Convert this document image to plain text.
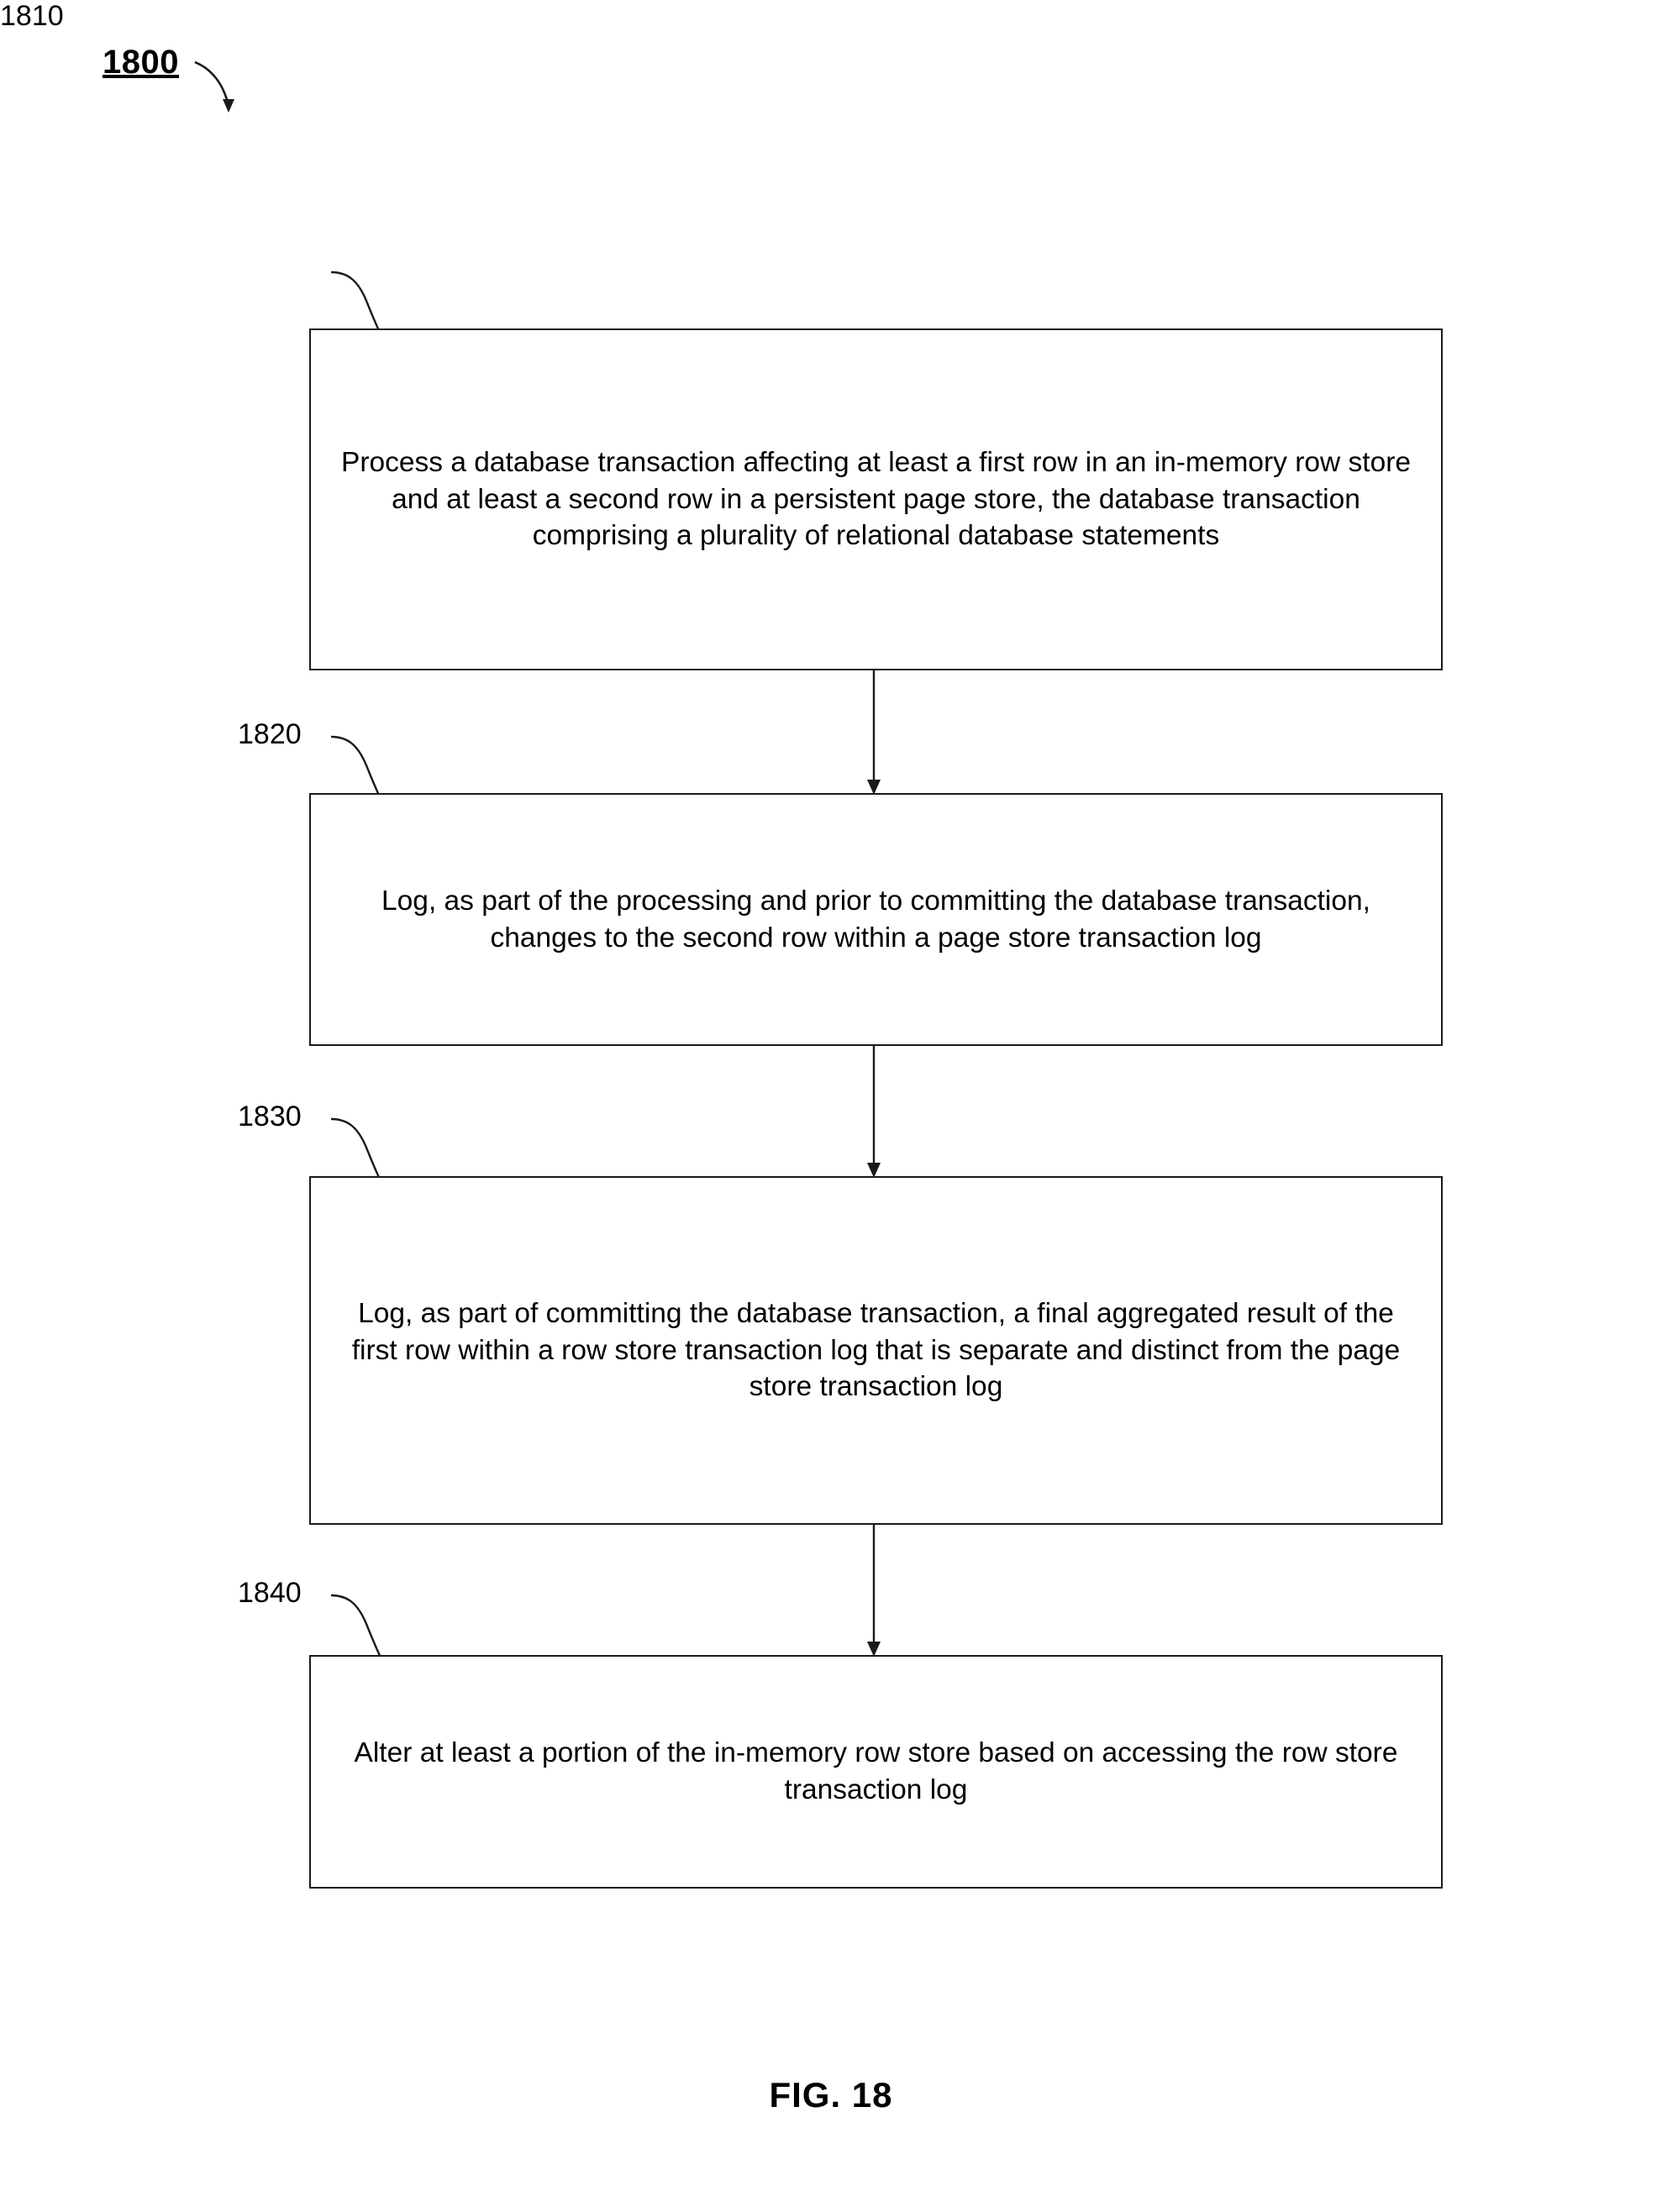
1800
1810
Process a database transaction affecting at least a first row in an in-memory row store and at least a second row in a persistent page store, the database transaction comprising a plurality of relational database statements
1820
Log, as part of the processing and prior to committing the database transaction, changes to the second row within a page store transaction log
1830
Log, as part of committing the database transaction, a final aggregated result of the first row within a row store transaction log that is separate and distinct from the page store transaction log
1840
Alter at least a portion of the in-memory row store based on accessing the row store transaction log
FIG. 18
